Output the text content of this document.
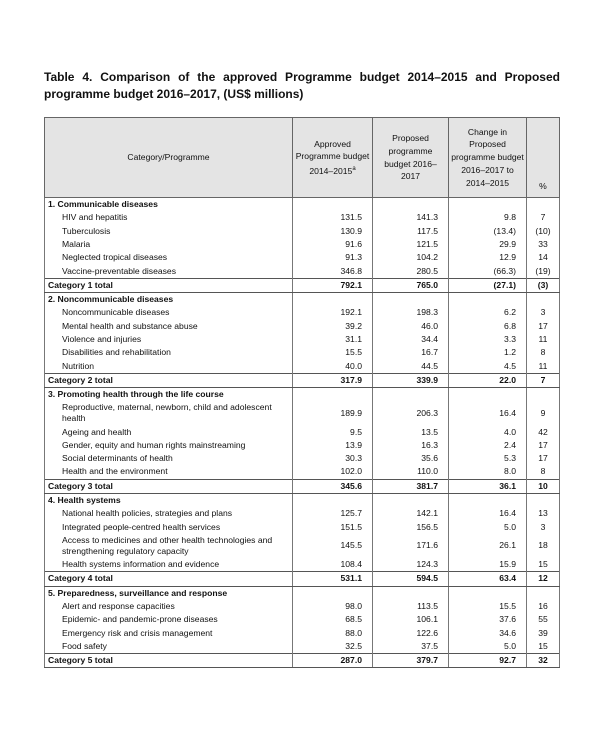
Table 4. Comparison of the approved Programme budget 2014–2015 and Proposed programme budget 2016–2017, (US$ millions)
Category/Programme	Approved Programme budget 2014–2015$^a$	Proposed programme budget 2016–2017	Change in Proposed programme budget 2016–2017 to 2014–2015	%
1. Communicable diseases				
HIV and hepatitis	131.5	141.3	9.8	7
Tuberculosis	130.9	117.5	(13.4)	(10)
Malaria	91.6	121.5	29.9	33
Neglected tropical diseases	91.3	104.2	12.9	14
Vaccine-preventable diseases	346.8	280.5	(66.3)	(19)
Category 1 total	792.1	765.0	(27.1)	(3)
2. Noncommunicable diseases				
Noncommunicable diseases	192.1	198.3	6.2	3
Mental health and substance abuse	39.2	46.0	6.8	17
Violence and injuries	31.1	34.4	3.3	11
Disabilities and rehabilitation	15.5	16.7	1.2	8
Nutrition	40.0	44.5	4.5	11
Category 2 total	317.9	339.9	22.0	7
3. Promoting health through the life course				
Reproductive, maternal, newborn, child and adolescent health	189.9	206.3	16.4	9
Ageing and health	9.5	13.5	4.0	42
Gender, equity and human rights mainstreaming	13.9	16.3	2.4	17
Social determinants of health	30.3	35.6	5.3	17
Health and the environment	102.0	110.0	8.0	8
Category 3 total	345.6	381.7	36.1	10
4. Health systems				
National health policies, strategies and plans	125.7	142.1	16.4	13
Integrated people-centred health services	151.5	156.5	5.0	3
Access to medicines and other health technologies and strengthening regulatory capacity	145.5	171.6	26.1	18
Health systems information and evidence	108.4	124.3	15.9	15
Category 4 total	531.1	594.5	63.4	12
5. Preparedness, surveillance and response				
Alert and response capacities	98.0	113.5	15.5	16
Epidemic- and pandemic-prone diseases	68.5	106.1	37.6	55
Emergency risk and crisis management	88.0	122.6	34.6	39
Food safety	32.5	37.5	5.0	15
Category 5 total	287.0	379.7	92.7	32
